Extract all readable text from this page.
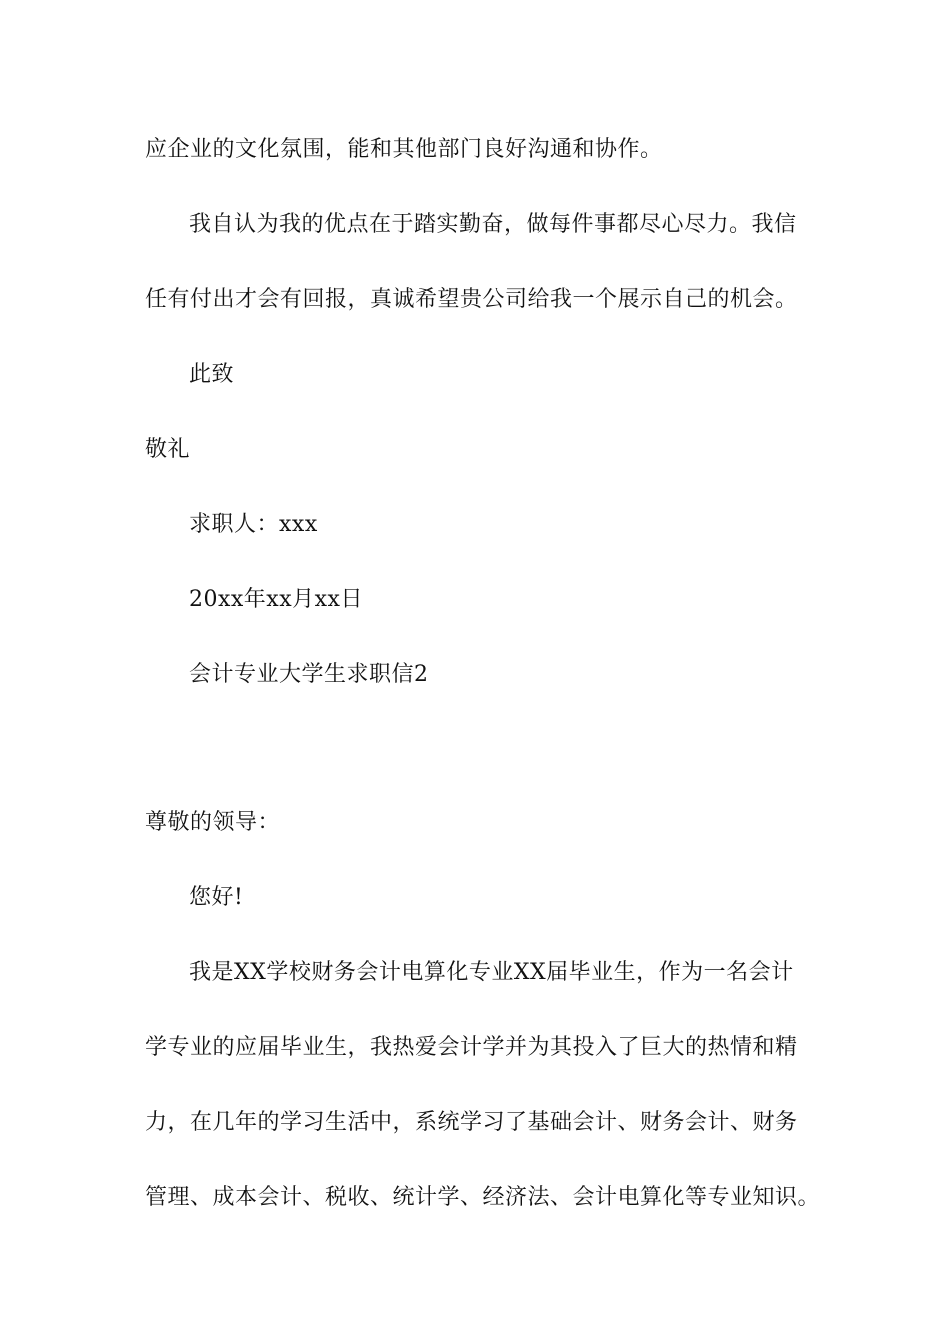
应企业的文化氛围，能和其他部门良好沟通和协作。
我自认为我的优点在于踏实勤奋，做每件事都尽心尽力。我信
任有付出才会有回报，真诚希望贵公司给我一个展示自己的机会。
此致
敬礼
求职人：xxx
20xx年xx月xx日
会计专业大学生求职信2
尊敬的领导：
您好!
我是XX学校财务会计电算化专业XX届毕业生，作为一名会计
学专业的应届毕业生，我热爱会计学并为其投入了巨大的热情和精
力，在几年的学习生活中，系统学习了基础会计、财务会计、财务
管理、成本会计、税收、统计学、经济法、会计电算化等专业知识。
